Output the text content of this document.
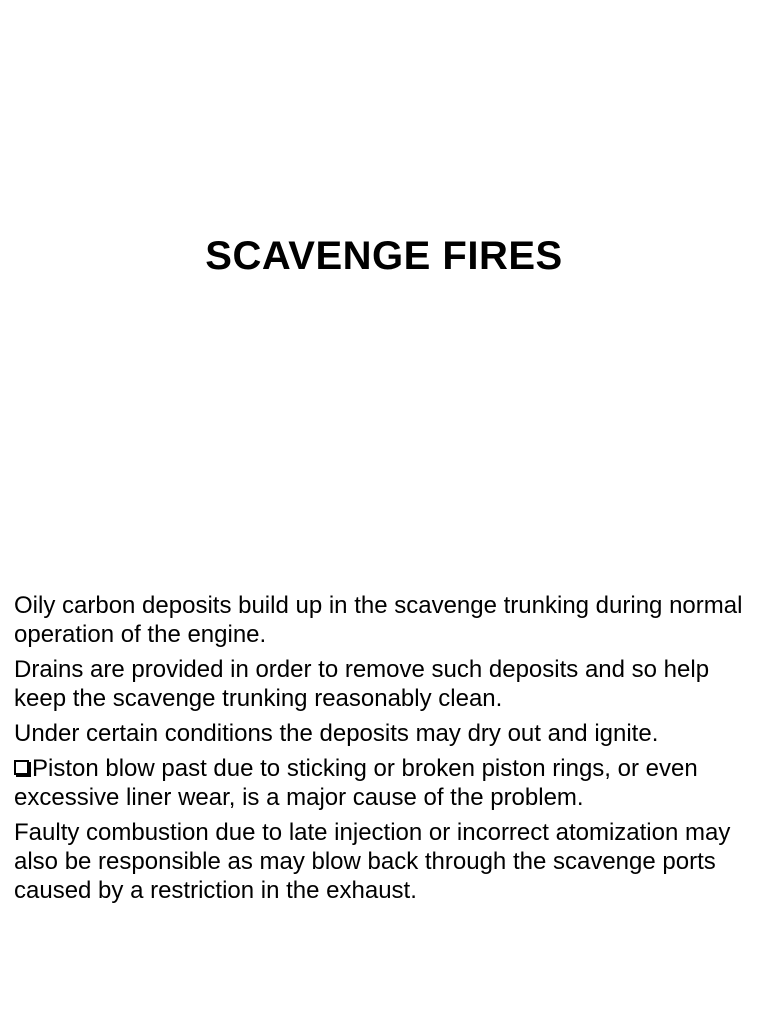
SCAVENGE FIRES

Oily carbon deposits build up in the scavenge trunking during normal operation of the engine.

Drains are provided in order to remove such deposits and so help keep the scavenge trunking reasonably clean.

Under certain conditions the deposits may dry out and ignite.

Piston blow past due to sticking or broken piston rings, or even excessive liner wear, is a major cause of the problem.

Faulty combustion due to late injection or incorrect atomization may also be responsible as may blow back through the scavenge ports caused by a restriction in the exhaust.
